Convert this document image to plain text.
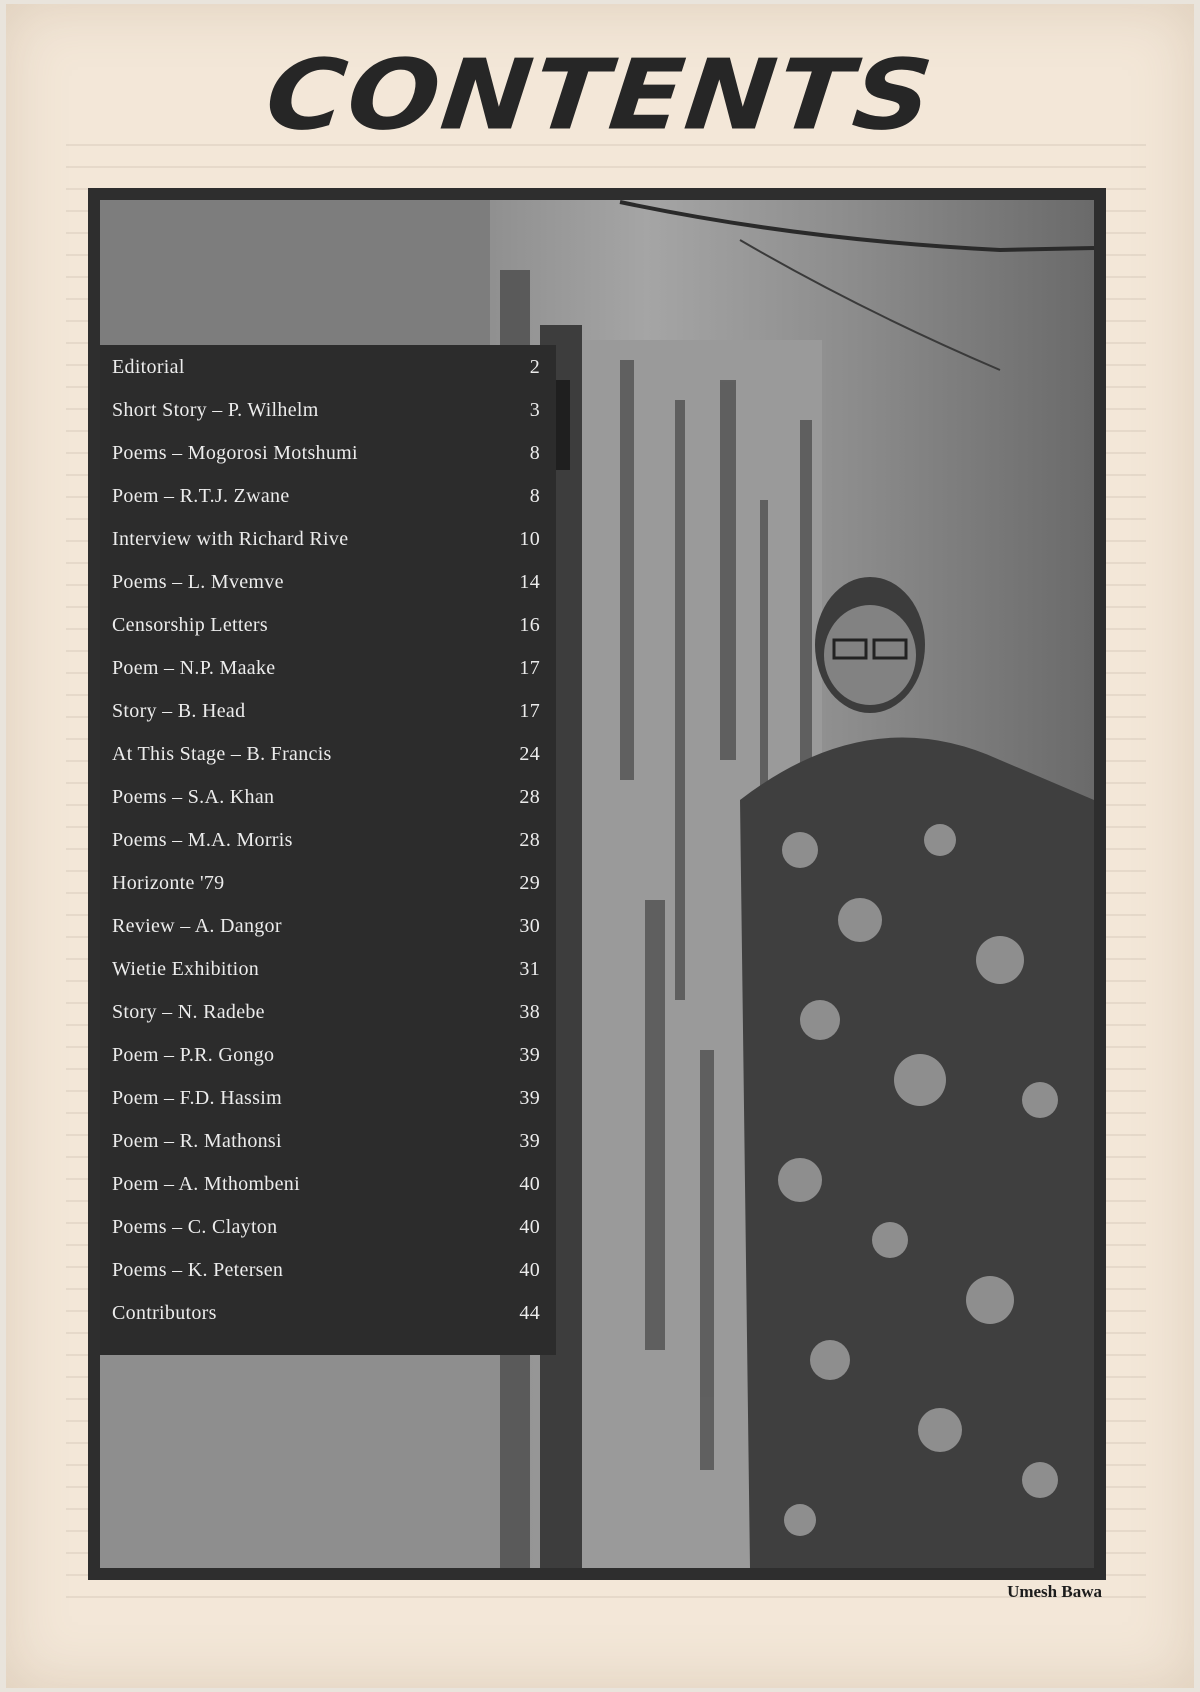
CONTENTS
Editorial	2
Short Story – P. Wilhelm	3
Poems – Mogorosi Motshumi	8
Poem – R.T.J. Zwane	8
Interview with Richard Rive	10
Poems – L. Mvemve	14
Censorship Letters	16
Poem – N.P. Maake	17
Story – B. Head	17
At This Stage – B. Francis	24
Poems – S.A. Khan	28
Poems – M.A. Morris	28
Horizonte '79	29
Review – A. Dangor	30
Wietie Exhibition	31
Story – N. Radebe	38
Poem – P.R. Gongo	39
Poem – F.D. Hassim	39
Poem – R. Mathonsi	39
Poem – A. Mthombeni	40
Poems – C. Clayton	40
Poems – K. Petersen	40
Contributors	44
Umesh Bawa
